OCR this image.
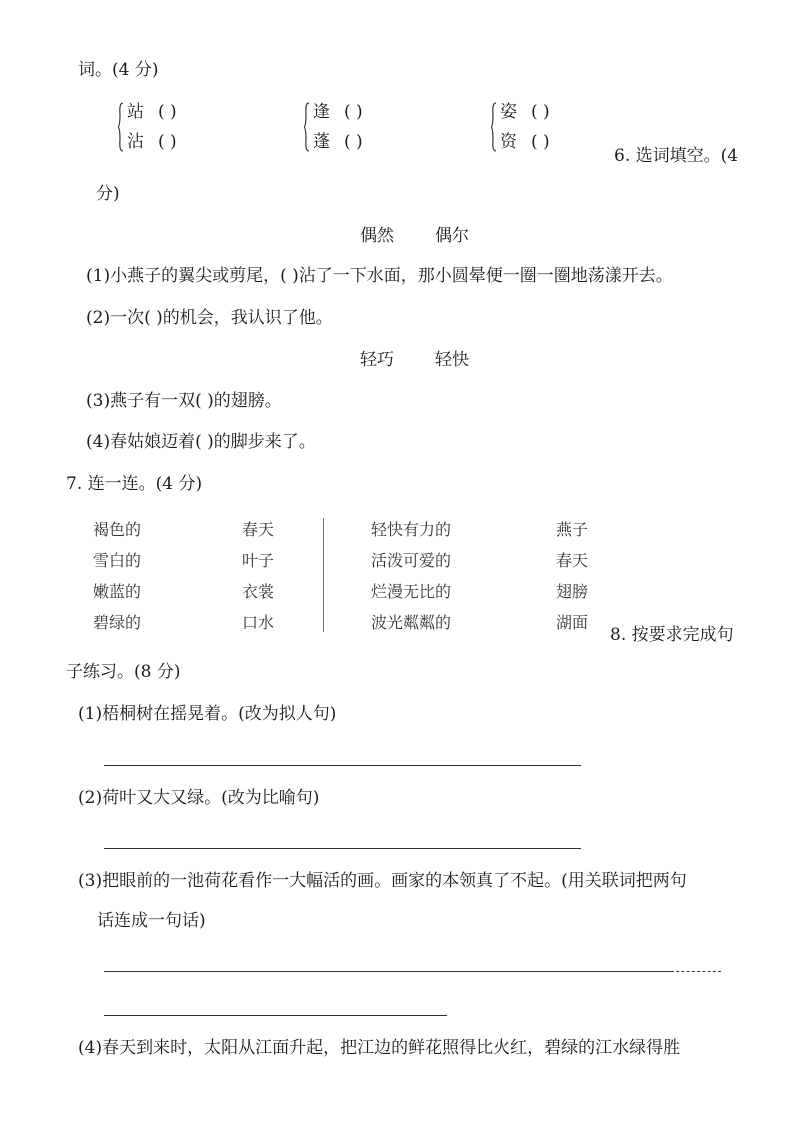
词。(4 分)
站
沾
( )
( )
逢
蓬
( )
( )
姿
资
( )
( )
6. 选词填空。(4
分)
偶然 偶尔
(1)小燕子的翼尖或剪尾，( )沾了一下水面，那小圆晕便一圈一圈地荡漾开去。
(2)一次( )的机会，我认识了他。
轻巧 轻快
(3)燕子有一双( )的翅膀。
(4)春姑娘迈着( )的脚步来了。
7. 连一连。(4 分)
褐色的
雪白的
嫩蓝的
碧绿的
春天
叶子
衣裳
口水
轻快有力的
活泼可爱的
烂漫无比的
波光粼粼的
燕子
春天
翅膀
湖面
8. 按要求完成句
子练习。(8 分)
(1)梧桐树在摇晃着。(改为拟人句)
(2)荷叶又大又绿。(改为比喻句)
(3)把眼前的一池荷花看作一大幅活的画。画家的本领真了不起。(用关联词把两句
话连成一句话)
(4)春天到来时，太阳从江面升起，把江边的鲜花照得比火红，碧绿的江水绿得胜
